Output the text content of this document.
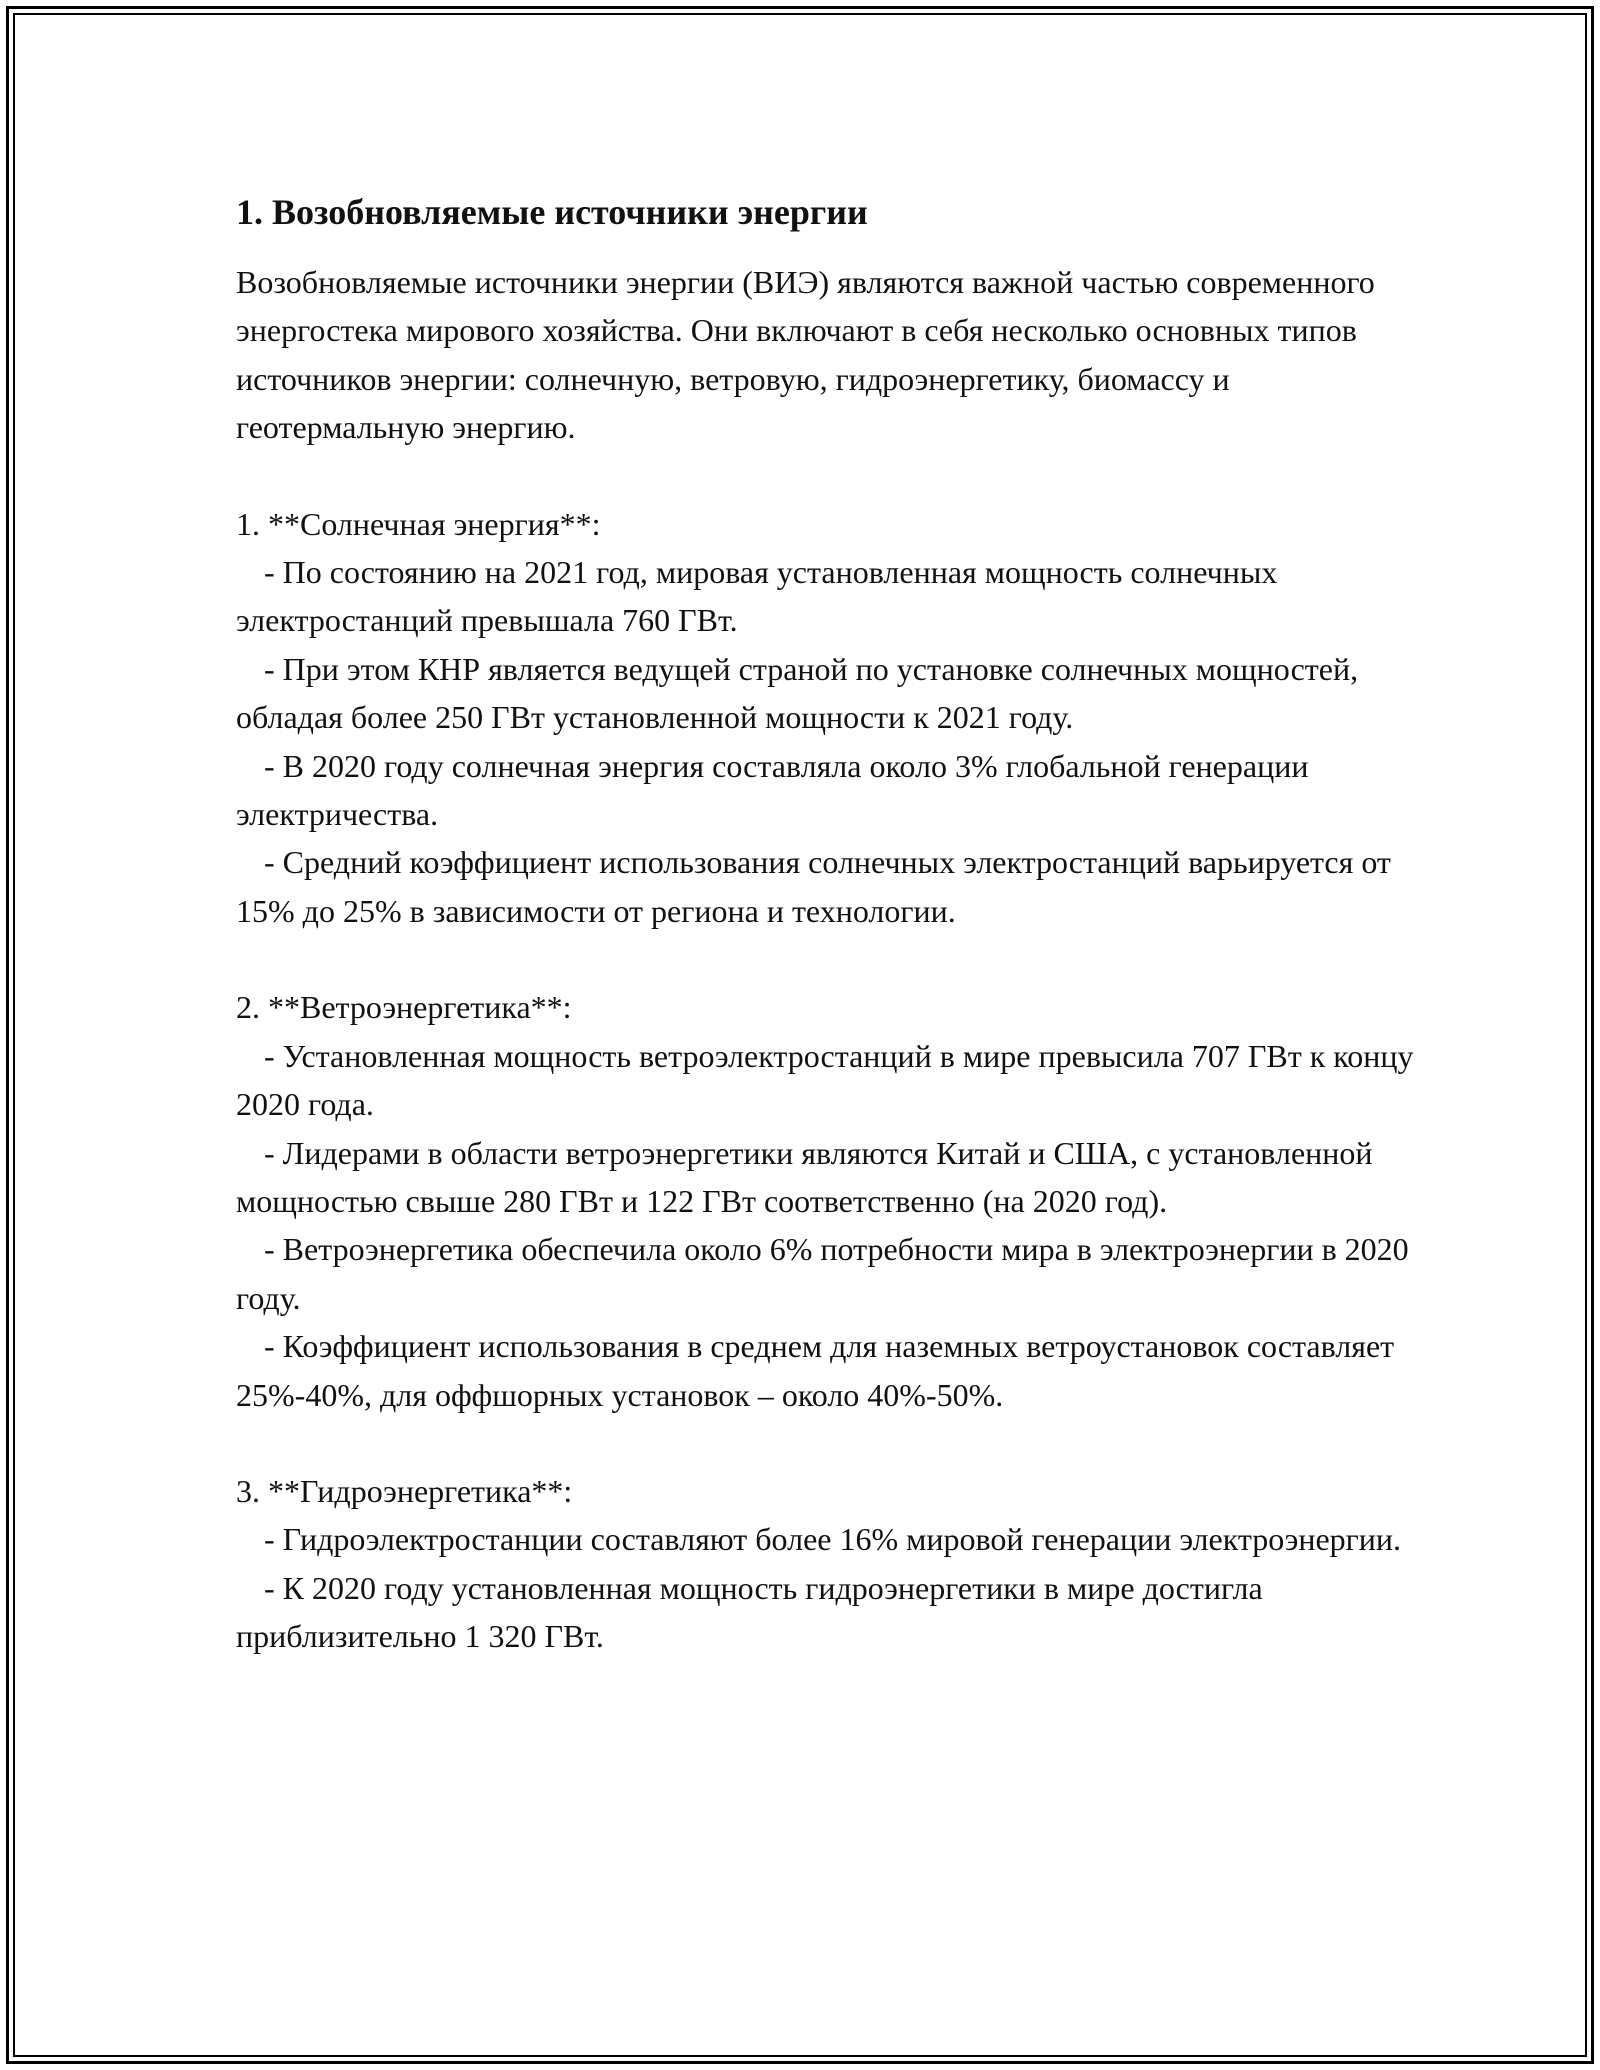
1. Возобновляемые источники энергии

Возобновляемые источники энергии (ВИЭ) являются важной частью современного энергостека мирового хозяйства. Они включают в себя несколько основных типов источников энергии: солнечную, ветровую, гидроэнергетику, биомассу и геотермальную энергию.

1. **Солнечная энергия**:

- По состоянию на 2021 год, мировая установленная мощность солнечных электростанций превышала 760 ГВт.

- При этом КНР является ведущей страной по установке солнечных мощностей, обладая более 250 ГВт установленной мощности к 2021 году.

- В 2020 году солнечная энергия составляла около 3% глобальной генерации электричества.

- Средний коэффициент использования солнечных электростанций варьируется от 15% до 25% в зависимости от региона и технологии.

2. **Ветроэнергетика**:

- Установленная мощность ветроэлектростанций в мире превысила 707 ГВт к концу 2020 года.

- Лидерами в области ветроэнергетики являются Китай и США, с установленной мощностью свыше 280 ГВт и 122 ГВт соответственно (на 2020 год).

- Ветроэнергетика обеспечила около 6% потребности мира в электроэнергии в 2020 году.

- Коэффициент использования в среднем для наземных ветроустановок составляет 25%-40%, для оффшорных установок – около 40%-50%.

3. **Гидроэнергетика**:

- Гидроэлектростанции составляют более 16% мировой генерации электроэнергии.

- К 2020 году установленная мощность гидроэнергетики в мире достигла приблизительно 1 320 ГВт.
